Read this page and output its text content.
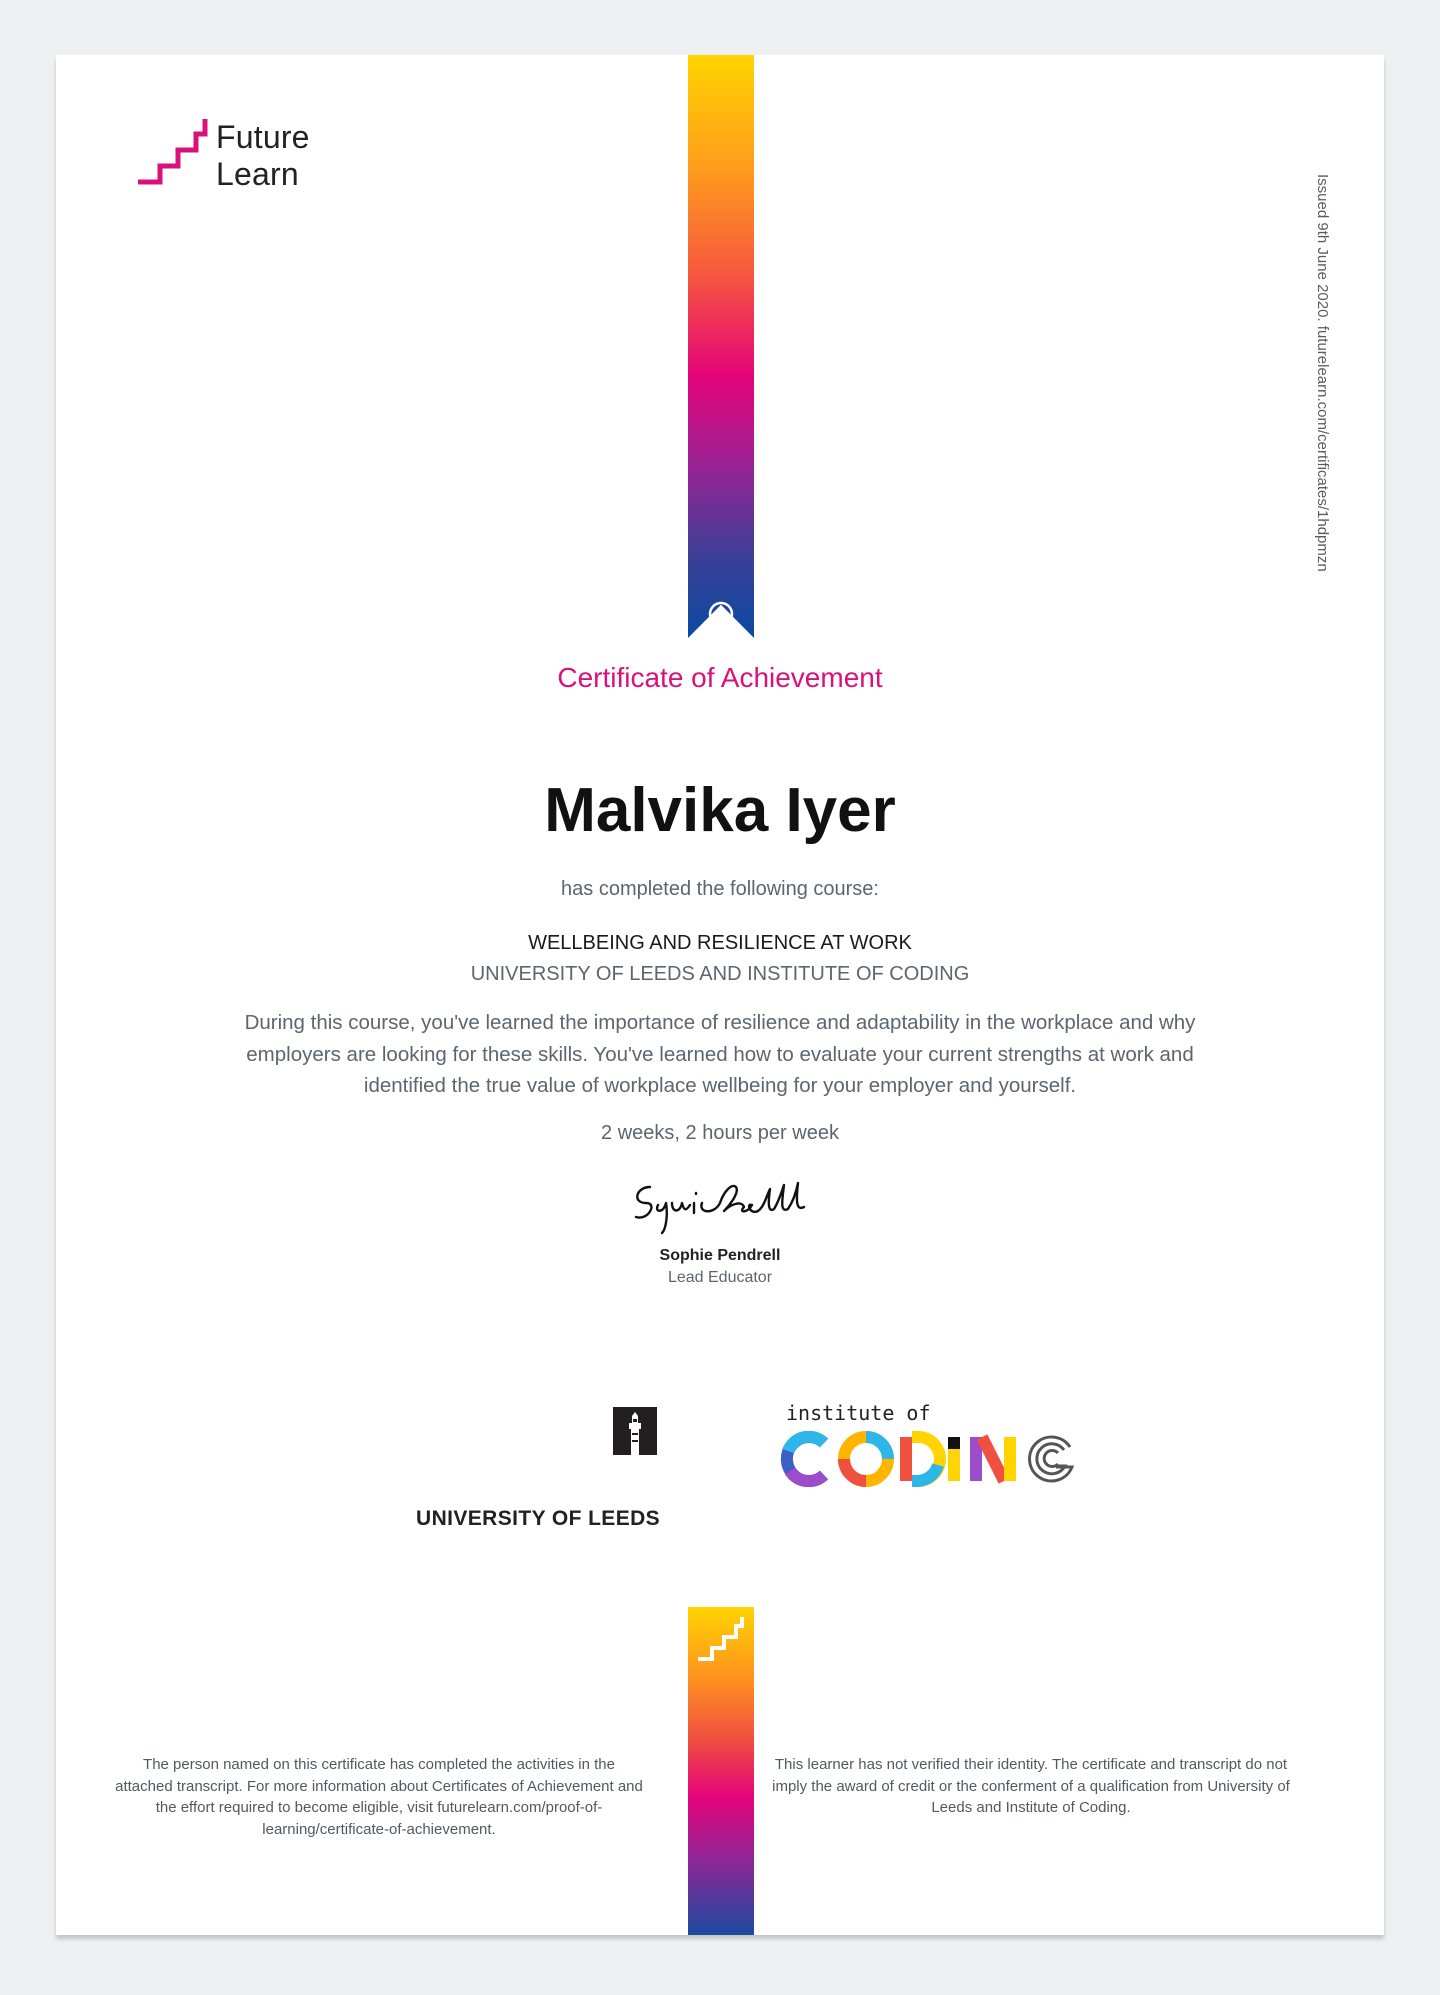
Future
Learn	Issued 9th June 2020. futurelearn.com/certificates/1hdpmzn
Certificate of Achievement
Malvika Iyer
has completed the following course:
WELLBEING AND RESILIENCE AT WORK
UNIVERSITY OF LEEDS AND INSTITUTE OF CODING
During this course, you've learned the importance of resilience and adaptability in the workplace and why employers are looking for these skills. You've learned how to evaluate your current strengths at work and identified the true value of workplace wellbeing for your employer and yourself.
2 weeks, 2 hours per week
Sophie Pendrell
Lead Educator
UNIVERSITY OF LEEDS
institute of
The person named on this certificate has completed the activities in the attached transcript. For more information about Certificates of Achievement and the effort required to become eligible, visit futurelearn.com/proof-of-learning/certificate-of-achievement.
This learner has not verified their identity. The certificate and transcript do not imply the award of credit or the conferment of a qualification from University of Leeds and Institute of Coding.
